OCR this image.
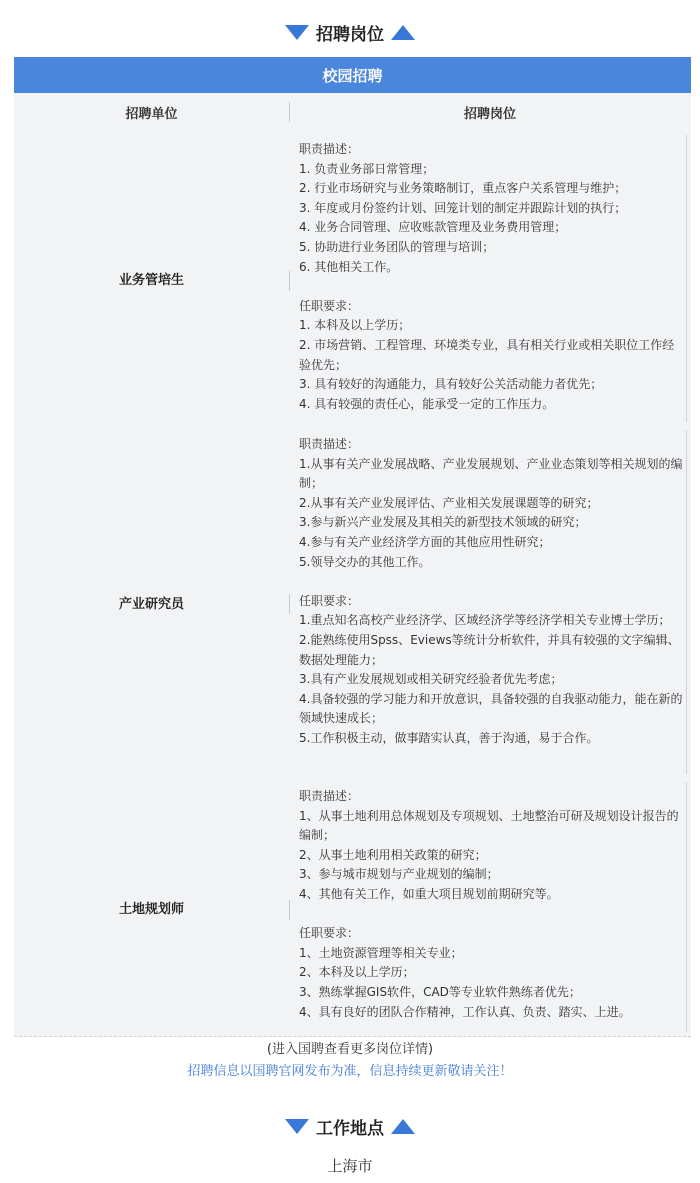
招聘岗位
校园招聘
招聘单位	招聘岗位
业务管培生
职责描述：
1. 负责业务部日常管理；
2. 行业市场研究与业务策略制订，重点客户关系管理与维护；
3. 年度或月份签约计划、回笼计划的制定并跟踪计划的执行；
4. 业务合同管理、应收账款管理及业务费用管理；
5. 协助进行业务团队的管理与培训；
6. 其他相关工作。
任职要求：
1. 本科及以上学历；
2. 市场营销、工程管理、环境类专业，具有相关行业或相关职位工作经验优先；
3. 具有较好的沟通能力，具有较好公关活动能力者优先；
4. 具有较强的责任心，能承受一定的工作压力。
产业研究员
职责描述：
1.从事有关产业发展战略、产业发展规划、产业业态策划等相关规划的编制；
2.从事有关产业发展评估、产业相关发展课题等的研究；
3.参与新兴产业发展及其相关的新型技术领域的研究；
4.参与有关产业经济学方面的其他应用性研究；
5.领导交办的其他工作。
任职要求：
1.重点知名高校产业经济学、区域经济学等经济学相关专业博士学历；
2.能熟练使用Spss、Eviews等统计分析软件，并具有较强的文字编辑、数据处理能力；
3.具有产业发展规划或相关研究经验者优先考虑；
4.具备较强的学习能力和开放意识，具备较强的自我驱动能力，能在新的领域快速成长；
5.工作积极主动，做事踏实认真，善于沟通，易于合作。
土地规划师
职责描述：
1、从事土地利用总体规划及专项规划、土地整治可研及规划设计报告的编制；
2、从事土地利用相关政策的研究；
3、参与城市规划与产业规划的编制；
4、其他有关工作，如重大项目规划前期研究等。
任职要求：
1、土地资源管理等相关专业；
2、本科及以上学历；
3、熟练掌握GIS软件，CAD等专业软件熟练者优先；
4、具有良好的团队合作精神，工作认真、负责、踏实、上进。
(进入国聘查看更多岗位详情)
招聘信息以国聘官网发布为准，信息持续更新敬请关注！
工作地点
上海市
